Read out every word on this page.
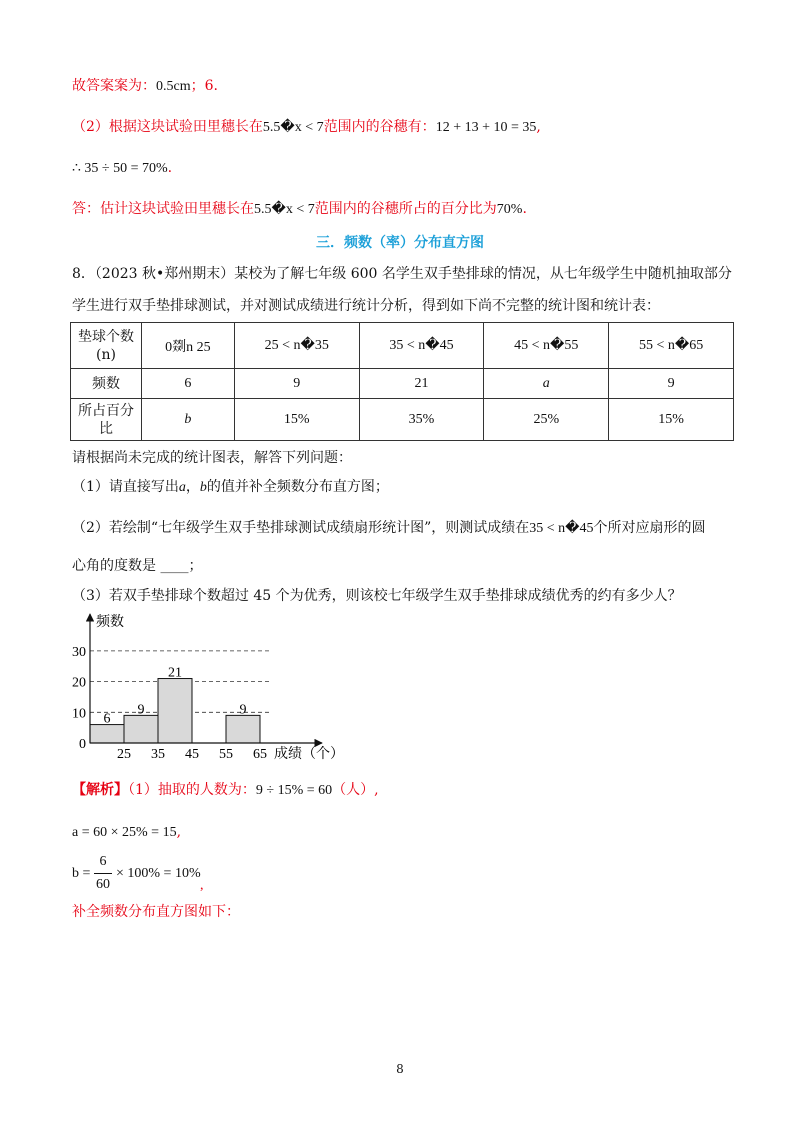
故答案案为：0.5cm；6.
（2）根据这块试验田里穗长在5.5�x < 7范围内的谷穗有：12 + 13 + 10 = 35,
∴ 35 ÷ 50 = 70%.
答：估计这块试验田里穗长在5.5�x < 7范围内的谷穗所占的百分比为70%.
三．频数（率）分布直方图
8．（2023 秋•郑州期末）某校为了解七年级 600 名学生双手垫排球的情况，从七年级学生中随机抽取部分
学生进行双手垫排球测试，并对测试成绩进行统计分析，得到如下尚不完整的统计图和统计表：
垫球个数
(n)	0剟n 25	25 < n�35	35 < n�45	45 < n�55	55 < n�65
频数	6	9	21	a	9

所占百分
比	b	15%	35%	25%	15%
请根据尚未完成的统计图表，解答下列问题：
（1）请直接写出a，b的值并补全频数分布直方图；
（2）若绘制“七年级学生双手垫排球测试成绩扇形统计图”，则测试成绩在35 < n�45个所对应扇形的圆
心角的度数是 ____；
（3）若双手垫排球个数超过 45 个为优秀，则该校七年级学生双手垫排球成绩优秀的约有多少人？
频数
成绩（个）
0
10
20
30
25 35 45 55 65
6
9
21
9
【解析】（1）抽取的人数为：9 ÷ 15% = 60（人）,
a = 60 × 25% = 15,
b =
6
60
× 100% = 10%
,
补全频数分布直方图如下：
8
